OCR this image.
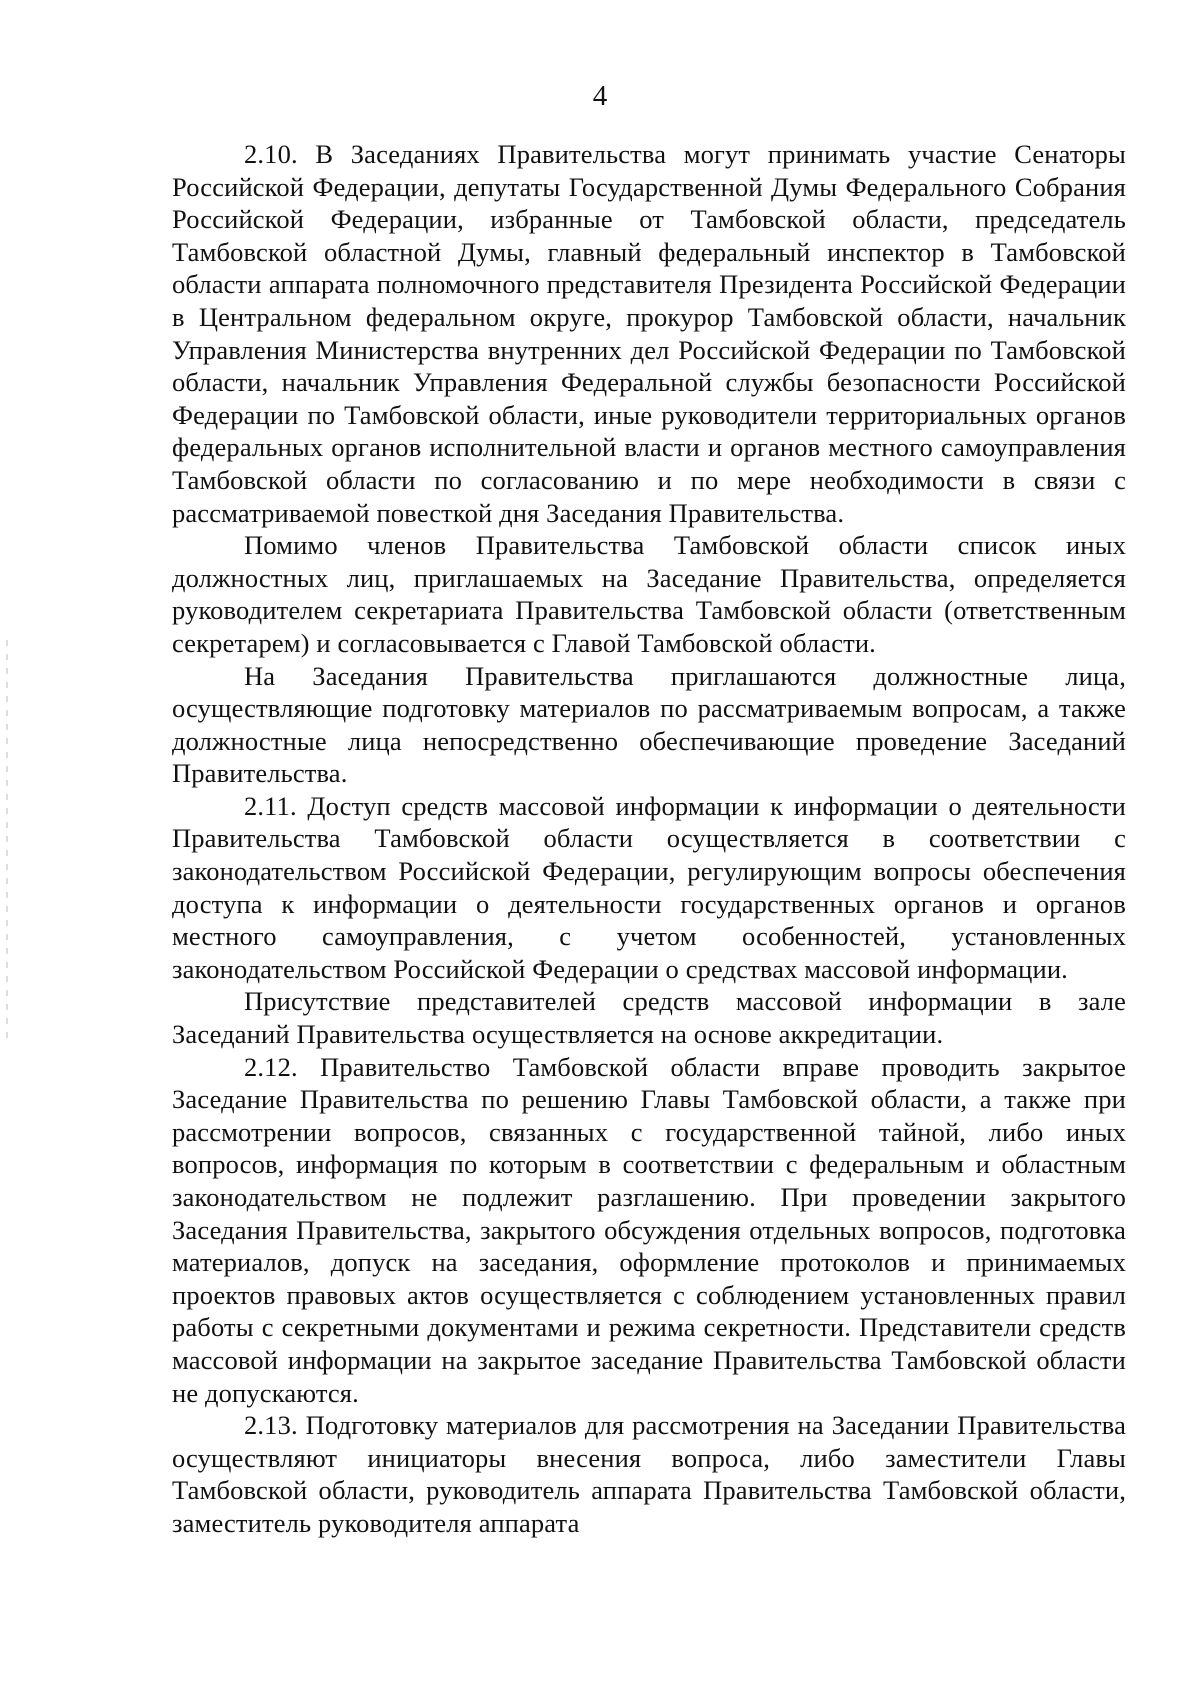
4

2.10. В Заседаниях Правительства могут принимать участие Сенаторы Российской Федерации, депутаты Государственной Думы Федерального Собрания Российской Федерации, избранные от Тамбовской области, председатель Тамбовской областной Думы, главный федеральный инспектор в Тамбовской области аппарата полномочного представителя Президента Российской Федерации в Центральном федеральном округе, прокурор Тамбовской области, начальник Управления Министерства внутренних дел Российской Федерации по Тамбовской области, начальник Управления Федеральной службы безопасности Российской Федерации по Тамбовской области, иные руководители территориальных органов федеральных органов исполнительной власти и органов местного самоуправления Тамбовской области по согласованию и по мере необходимости в связи с рассматриваемой повесткой дня Заседания Правительства.

Помимо членов Правительства Тамбовской области список иных должностных лиц, приглашаемых на Заседание Правительства, определяется руководителем секретариата Правительства Тамбовской области (ответственным секретарем) и согласовывается с Главой Тамбовской области.

На Заседания Правительства приглашаются должностные лица, осуществляющие подготовку материалов по рассматриваемым вопросам, а также должностные лица непосредственно обеспечивающие проведение Заседаний Правительства.

2.11. Доступ средств массовой информации к информации о деятельности Правительства Тамбовской области осуществляется в соответствии с законодательством Российской Федерации, регулирующим вопросы обеспечения доступа к информации о деятельности государственных органов и органов местного самоуправления, с учетом особенностей, установленных законодательством Российской Федерации о средствах массовой информации.

Присутствие представителей средств массовой информации в зале Заседаний Правительства осуществляется на основе аккредитации.

2.12. Правительство Тамбовской области вправе проводить закрытое Заседание Правительства по решению Главы Тамбовской области, а также при рассмотрении вопросов, связанных с государственной тайной, либо иных вопросов, информация по которым в соответствии с федеральным и областным законодательством не подлежит разглашению. При проведении закрытого Заседания Правительства, закрытого обсуждения отдельных вопросов, подготовка материалов, допуск на заседания, оформление протоколов и принимаемых проектов правовых актов осуществляется с соблюдением установленных правил работы с секретными документами и режима секретности. Представители средств массовой информации на закрытое заседание Правительства Тамбовской области не допускаются.

2.13. Подготовку материалов для рассмотрения на Заседании Правительства осуществляют инициаторы внесения вопроса, либо заместители Главы Тамбовской области, руководитель аппарата Правительства Тамбовской области, заместитель руководителя аппарата
